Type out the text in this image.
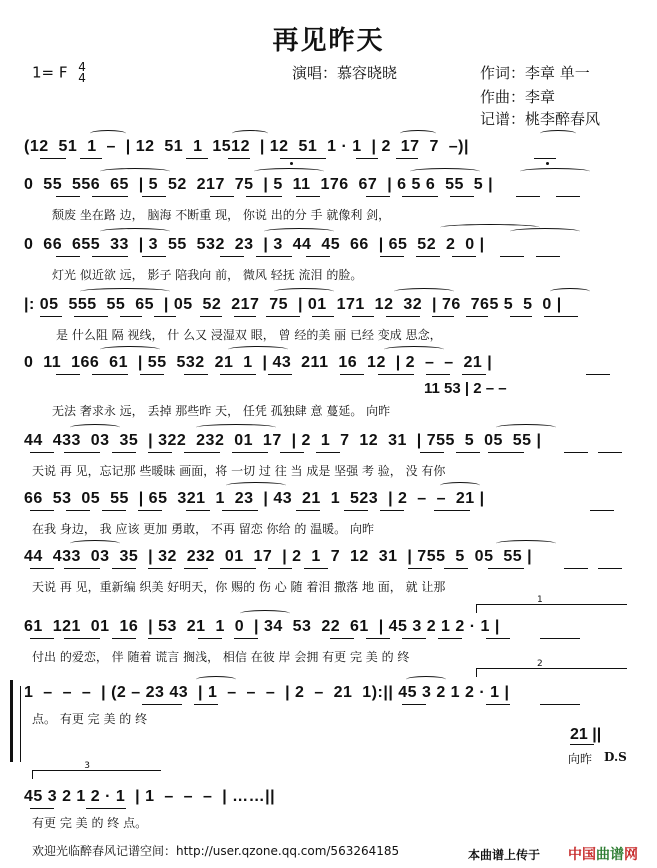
再见昨天
1= F 4
4	演唱：慕容晓晓	作词：李章 单一
作曲：李章
记谱：桃李醉春风
(12  51  1  –  | 12  51  1  1512  | 12  51  1 · 1  | 2  17  7  –)|
0  55  556  65  | 5  52  217  75  | 5  11  176  67  | 6 5 6  55  5 |
颓废 坐在路 边， 脑海 不断重 现， 你说 出的分 手 就像利 剑，
0  66  655  33  | 3  55  532  23  | 3  44  45  66  | 65  52  2  0 |
灯光 似近欲 远， 影子 陪我向 前， 微风 轻抚 流泪 的脸。
|: 05  555  55  65  | 05  52  217  75  | 01  171  12  32  | 76  765 5  5  0 |
是 什么阻 隔 视线， 什 么又 浸湿双 眼， 曾 经的美 丽 已经 变成 思念，
0  11  166  61  | 55  532  21  1  | 43  211  16  12  | 2  –  –  21 |
无法 奢求永 远， 丢掉 那些昨 天， 任凭 孤独肆 意 蔓延。 向昨
11 53 | 2 – –
44  433  03  35  | 322  232  01  17  | 2  1  7  12  31  | 755  5  05  55 |
天说 再 见，忘记那 些暖昧 画面，将 一切 过 往 当 成是 坚强 考 验， 没 有你
66  53  05  55  | 65  321  1  23  | 43  21  1  523  | 2  –  –  21 |
在我 身边， 我 应该 更加 勇敢， 不再 留恋 你给 的 温暖。 向昨
44  433  03  35  | 32  232  01  17  | 2  1  7  12  31  | 755  5  05  55 |
天说 再 见，重新编 织美 好明天，你 赐的 伤 心 随 着泪 撒落 地 面， 就 让那
1
61  121  01  16  | 53  21  1  0  | 34  53  22  61  | 45 3 2 1 2 · 1 |
付出 的爱恋， 伴 随着 谎言 搁浅， 相信 在彼 岸 会拥 有更 完 美 的 终	2
1  –  –  –  | (2 – 23 43  | 1  –  –  –  | 2  –  21  1):|| 45 3 2 1 2 · 1 |
点。 有更 完 美 的 终
21 ||
向昨 D.S
3
45 3 2 1 2 · 1  | 1  –  –  –  | ……||
有更 完 美 的 终 点。
欢迎光临醉春风记谱空间：http://user.qzone.qq.com/563264185	本曲谱上传于 中国曲谱网
